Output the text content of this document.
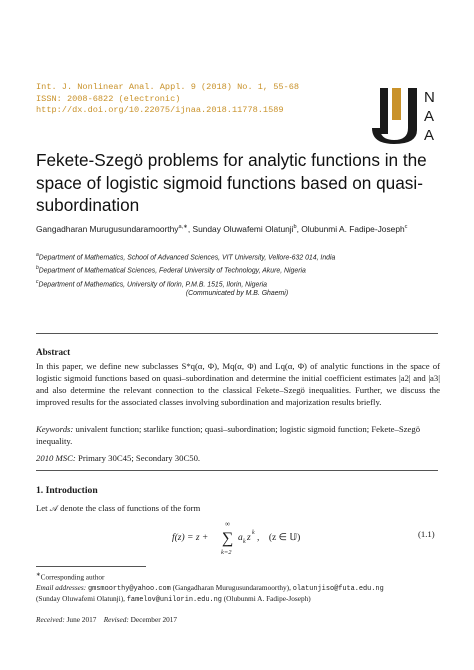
Int. J. Nonlinear Anal. Appl. 9 (2018) No. 1, 55-68
ISSN: 2008-6822 (electronic)
http://dx.doi.org/10.22075/ijnaa.2018.11778.1589
N
A
A
Fekete-Szegö problems for analytic functions in the space of logistic sigmoid functions based on quasi-subordination
Gangadharan Murugusundaramoorthy$^{a,∗}$, Sunday Oluwafemi Olatunji$^b$, Olubunmi A. Fadipe-Joseph$^c$
$^a$Department of Mathematics, School of Advanced Sciences, VIT University, Vellore-632 014, India
$^b$Department of Mathematical Sciences, Federal University of Technology, Akure, Nigeria
$^c$Department of Mathematics, University of Ilorin, P.M.B. 1515, Ilorin, Nigeria
(Communicated by M.B. Ghaemi)
Abstract
In this paper, we define new subclasses S*q(α, Φ), Mq(α, Φ) and Lq(α, Φ) of analytic functions in the space of logistic sigmoid functions based on quasi–subordination and determine the initial coefficient estimates |a2| and |a3| and also determine the relevant connection to the classical Fekete–Szegö inequalities. Further, we discuss the improved results for the associated classes involving subordination and majorization results briefly.
Keywords: univalent function; starlike function; quasi–subordination; logistic sigmoid function; Fekete–Szegö inequality.
2010 MSC: Primary 30C45; Secondary 30C50.
1. Introduction
Let 𝒜 denote the class of functions of the form
f(z) = z +
∞
∑
k=2
a k z k ,    (z ∈ 𝕌)	(1.1)
∗Corresponding author
Email addresses: gmsmoorthy@yahoo.com (Gangadharan Murugusundaramoorthy), olatunjiso@futa.edu.ng
(Sunday Oluwafemi Olatunji), famelov@unilorin.edu.ng (Olubunmi A. Fadipe-Joseph)
Received: June 2017 Revised: December 2017
